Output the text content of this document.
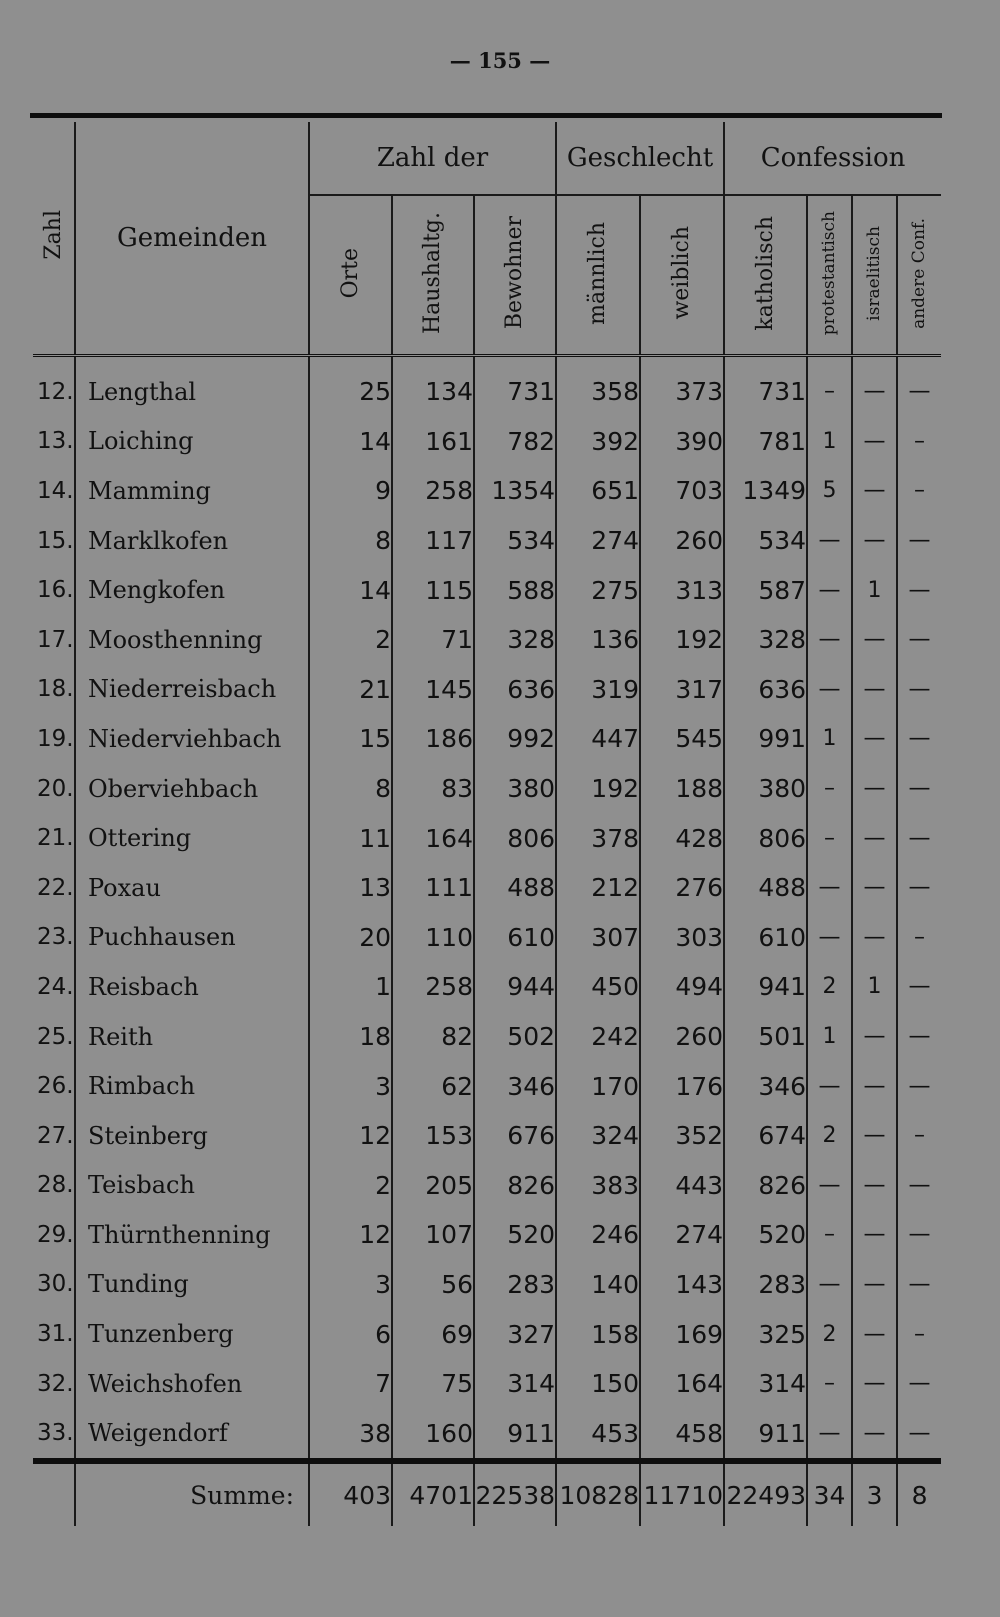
— 155 —
Zahl	Gemeinden	Zahl der			Geschlecht		Confession			
		Orte	Haushaltg.	Bewohner	männlich	weiblich	katholisch	protestantisch	israelitisch	andere Conf.
12.	Lengthal	25	134	731	358	373	731	–	—	—
13.	Loiching	14	161	782	392	390	781	1	—	–
14.	Mamming	9	258	1354	651	703	1349	5	—	–
15.	Marklkofen	8	117	534	274	260	534	—	—	—
16.	Mengkofen	14	115	588	275	313	587	—	1	—
17.	Moosthenning	2	71	328	136	192	328	—	—	—
18.	Niederreisbach	21	145	636	319	317	636	—	—	—
19.	Niederviehbach	15	186	992	447	545	991	1	—	—
20.	Oberviehbach	8	83	380	192	188	380	–	—	—
21.	Ottering	11	164	806	378	428	806	–	—	—
22.	Poxau	13	111	488	212	276	488	—	—	—
23.	Puchhausen	20	110	610	307	303	610	—	—	–
24.	Reisbach	1	258	944	450	494	941	2	1	—
25.	Reith	18	82	502	242	260	501	1	—	—
26.	Rimbach	3	62	346	170	176	346	—	—	—
27.	Steinberg	12	153	676	324	352	674	2	—	–
28.	Teisbach	2	205	826	383	443	826	—	—	—
29.	Thürnthenning	12	107	520	246	274	520	–	—	—
30.	Tunding	3	56	283	140	143	283	—	—	—
31.	Tunzenberg	6	69	327	158	169	325	2	—	–
32.	Weichshofen	7	75	314	150	164	314	–	—	—
33.	Weigendorf	38	160	911	453	458	911	—	—	—
	Summe:	403	4701	22538	10828	11710	22493	34	3	8
